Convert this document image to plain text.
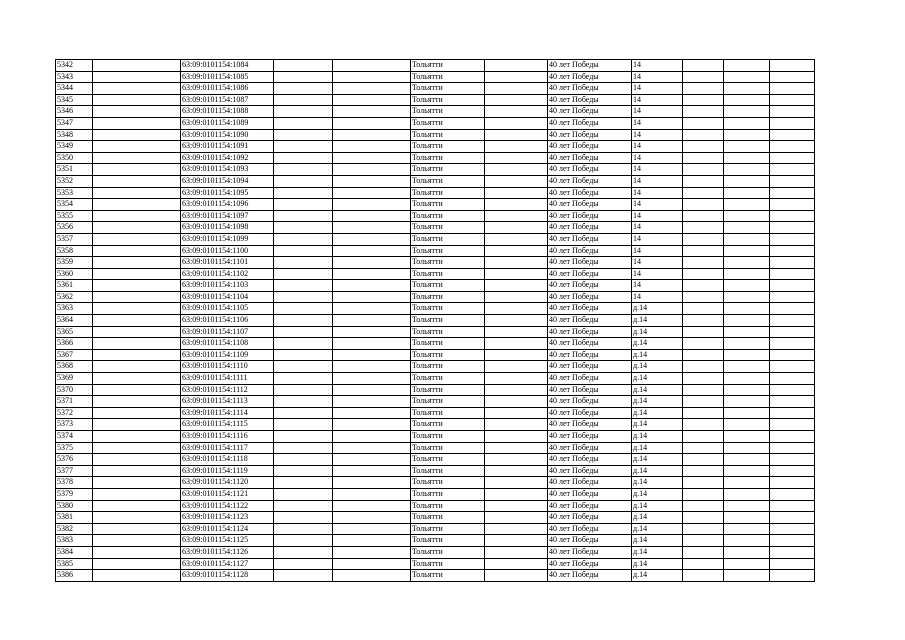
5342		63:09:0101154:1084			Тольятти		40 лет Победы	14			
5343		63:09:0101154:1085			Тольятти		40 лет Победы	14			
5344		63:09:0101154:1086			Тольятти		40 лет Победы	14			
5345		63:09:0101154:1087			Тольятти		40 лет Победы	14			
5346		63:09:0101154:1088			Тольятти		40 лет Победы	14			
5347		63:09:0101154:1089			Тольятти		40 лет Победы	14			
5348		63:09:0101154:1090			Тольятти		40 лет Победы	14			
5349		63:09:0101154:1091			Тольятти		40 лет Победы	14			
5350		63:09:0101154:1092			Тольятти		40 лет Победы	14			
5351		63:09:0101154:1093			Тольятти		40 лет Победы	14			
5352		63:09:0101154:1094			Тольятти		40 лет Победы	14			
5353		63:09:0101154:1095			Тольятти		40 лет Победы	14			
5354		63:09:0101154:1096			Тольятти		40 лет Победы	14			
5355		63:09:0101154:1097			Тольятти		40 лет Победы	14			
5356		63:09:0101154:1098			Тольятти		40 лет Победы	14			
5357		63:09:0101154:1099			Тольятти		40 лет Победы	14			
5358		63:09:0101154:1100			Тольятти		40 лет Победы	14			
5359		63:09:0101154:1101			Тольятти		40 лет Победы	14			
5360		63:09:0101154:1102			Тольятти		40 лет Победы	14			
5361		63:09:0101154:1103			Тольятти		40 лет Победы	14			
5362		63:09:0101154:1104			Тольятти		40 лет Победы	14			
5363		63:09:0101154:1105			Тольятти		40 лет Победы	д.14			
5364		63:09:0101154:1106			Тольятти		40 лет Победы	д.14			
5365		63:09:0101154:1107			Тольятти		40 лет Победы	д.14			
5366		63:09:0101154:1108			Тольятти		40 лет Победы	д.14			
5367		63:09:0101154:1109			Тольятти		40 лет Победы	д.14			
5368		63:09:0101154:1110			Тольятти		40 лет Победы	д.14			
5369		63:09:0101154:1111			Тольятти		40 лет Победы	д.14			
5370		63:09:0101154:1112			Тольятти		40 лет Победы	д.14			
5371		63:09:0101154:1113			Тольятти		40 лет Победы	д.14			
5372		63:09:0101154:1114			Тольятти		40 лет Победы	д.14			
5373		63:09:0101154:1115			Тольятти		40 лет Победы	д.14			
5374		63:09:0101154:1116			Тольятти		40 лет Победы	д.14			
5375		63:09:0101154:1117			Тольятти		40 лет Победы	д.14			
5376		63:09:0101154:1118			Тольятти		40 лет Победы	д.14			
5377		63:09:0101154:1119			Тольятти		40 лет Победы	д.14			
5378		63:09:0101154:1120			Тольятти		40 лет Победы	д.14			
5379		63:09:0101154:1121			Тольятти		40 лет Победы	д.14			
5380		63:09:0101154:1122			Тольятти		40 лет Победы	д.14			
5381		63:09:0101154:1123			Тольятти		40 лет Победы	д.14			
5382		63:09:0101154:1124			Тольятти		40 лет Победы	д.14			
5383		63:09:0101154:1125			Тольятти		40 лет Победы	д.14			
5384		63:09:0101154:1126			Тольятти		40 лет Победы	д.14			
5385		63:09:0101154:1127			Тольятти		40 лет Победы	д.14			
5386		63:09:0101154:1128			Тольятти		40 лет Победы	д.14			
